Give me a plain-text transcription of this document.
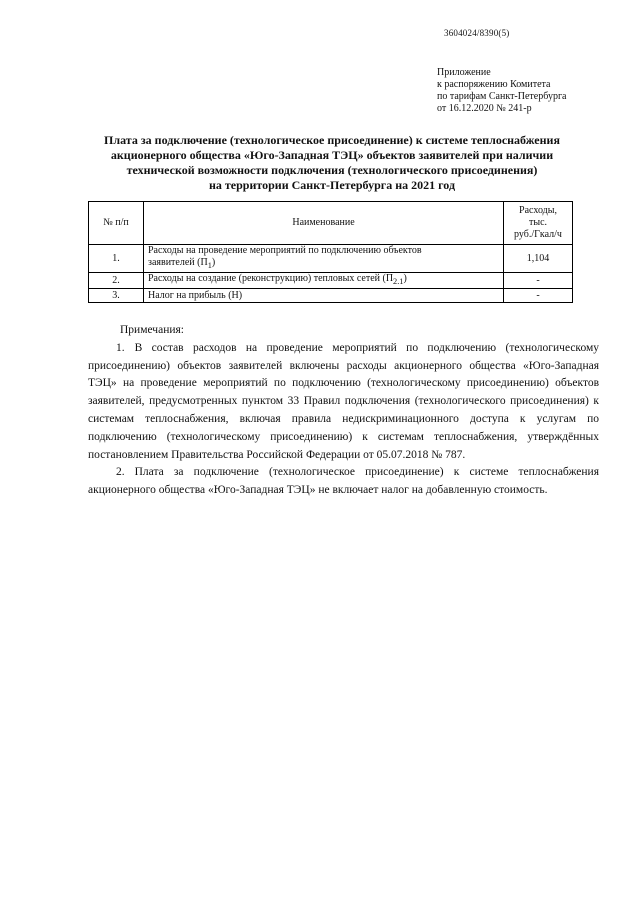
3604024/8390(5)
Приложение
к распоряжению Комитета
по тарифам Санкт-Петербурга
от 16.12.2020 № 241-р
Плата за подключение (технологическое присоединение) к системе теплоснабжения
акционерного общества «Юго-Западная ТЭЦ» объектов заявителей при наличии
технической возможности подключения (технологического присоединения)
на территории Санкт-Петербурга на 2021 год
№ п/п	Наименование	Расходы,
тыс.
руб./Гкал/ч

1.	Расходы на проведение мероприятий по подключению объектов
заявителей $(П_1)$	1,104
2.	Расходы на создание (реконструкцию) тепловых сетей $(П_{2.1})$	-
3.	Налог на прибыль (Н)	-
Примечания:
1. В состав расходов на проведение мероприятий по подключению (технологическому присоединению) объектов заявителей включены расходы акционерного общества «Юго-Западная ТЭЦ» на проведение мероприятий по подключению (технологическому присоединению) объектов заявителей, предусмотренных пунктом 33 Правил подключения (технологического присоединения) к системам теплоснабжения, включая правила недискриминационного доступа к услугам по подключению (технологическому присоединению) к системам теплоснабжения, утверждённых постановлением Правительства Российской Федерации от 05.07.2018 № 787.
2. Плата за подключение (технологическое присоединение) к системе теплоснабжения акционерного общества «Юго-Западная ТЭЦ» не включает налог на добавленную стоимость.
